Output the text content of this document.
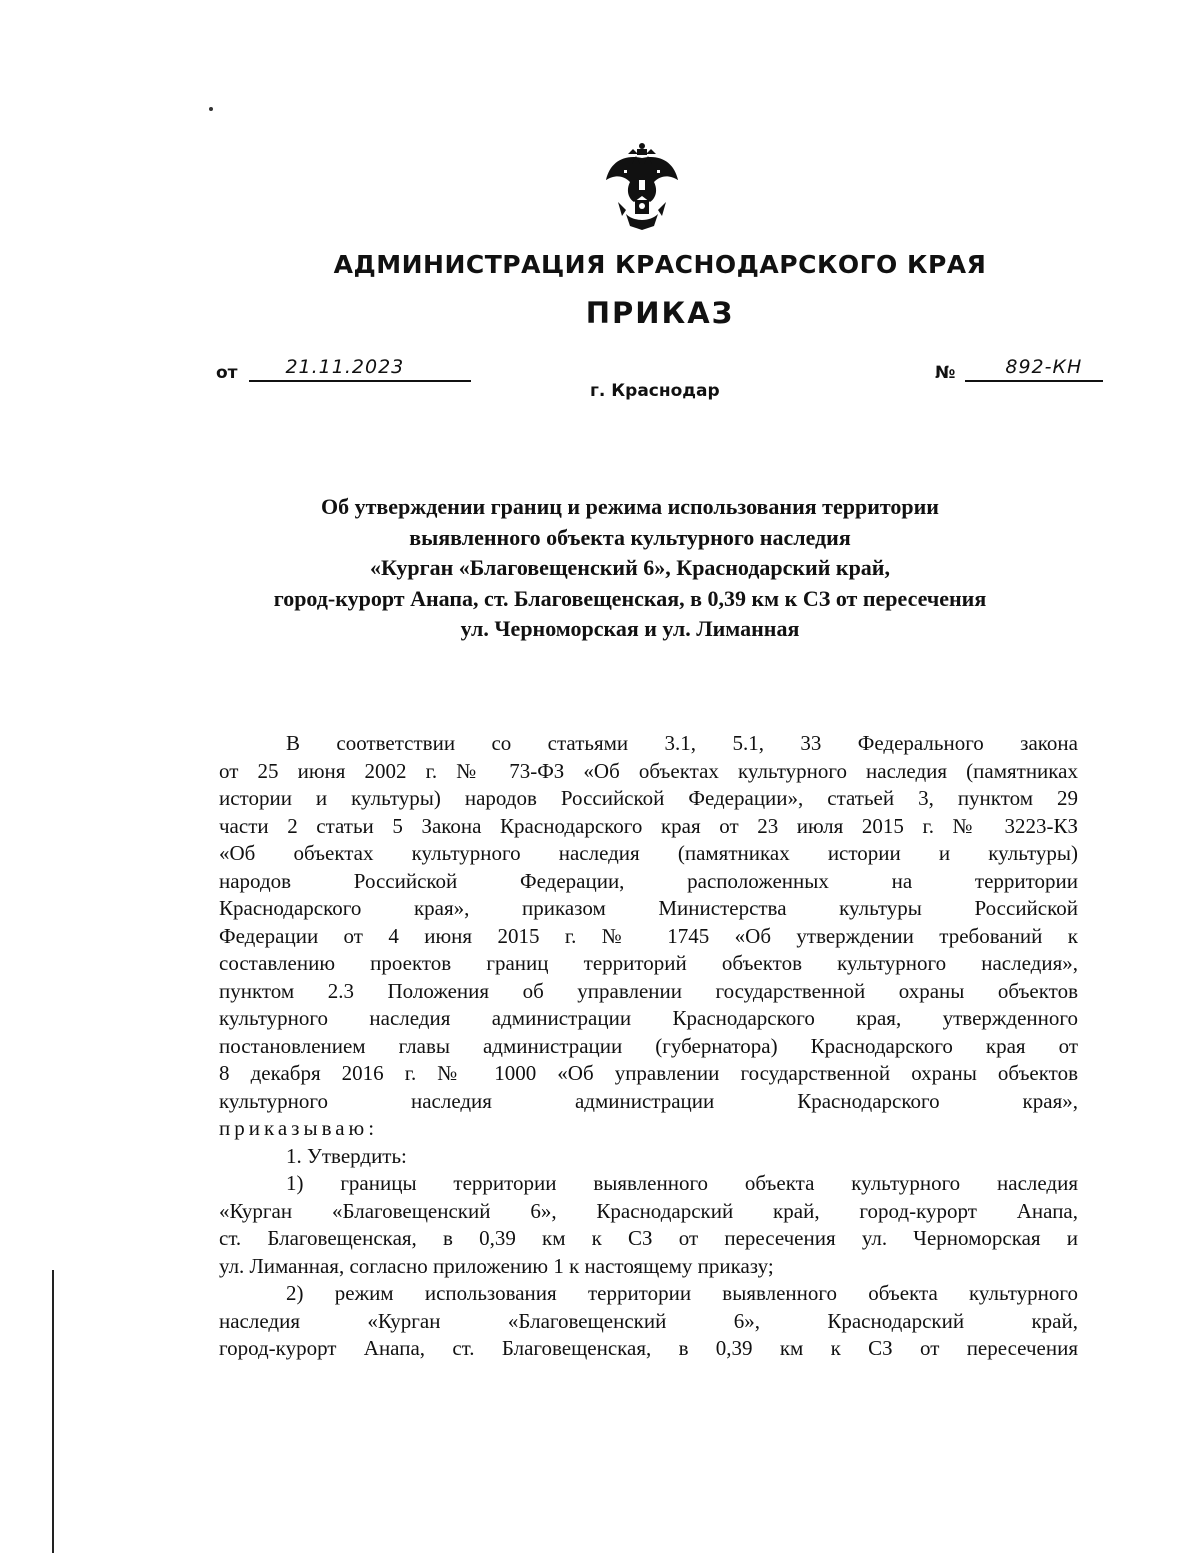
АДМИНИСТРАЦИЯ КРАСНОДАРСКОГО КРАЯ
ПРИКАЗ
от	21.11.2023	№	892-КН
г. Краснодар
Об утверждении границ и режима использования территории
выявленного объекта культурного наследия
«Курган «Благовещенский 6», Краснодарский край,
город-курорт Анапа, ст. Благовещенская, в 0,39 км к СЗ от пересечения
ул. Черноморская и ул. Лиманная
В соответствии со статьями 3.1, 5.1, 33 Федерального закона
от 25 июня 2002 г. № 73-ФЗ «Об объектах культурного наследия (памятниках
истории и культуры) народов Российской Федерации», статьей 3, пунктом 29
части 2 статьи 5 Закона Краснодарского края от 23 июля 2015 г. № 3223-КЗ
«Об объектах культурного наследия (памятниках истории и культуры)
народов Российской Федерации, расположенных на территории
Краснодарского края», приказом Министерства культуры Российской
Федерации от 4 июня 2015 г. № 1745 «Об утверждении требований к
составлению проектов границ территорий объектов культурного наследия»,
пунктом 2.3 Положения об управлении государственной охраны объектов
культурного наследия администрации Краснодарского края, утвержденного
постановлением главы администрации (губернатора) Краснодарского края от
8 декабря 2016 г. № 1000 «Об управлении государственной охраны объектов
культурного наследия администрации Краснодарского края»,
приказываю:
1. Утвердить:
1) границы территории выявленного объекта культурного наследия
«Курган «Благовещенский 6», Краснодарский край, город-курорт Анапа,
ст. Благовещенская, в 0,39 км к СЗ от пересечения ул. Черноморская и
ул. Лиманная, согласно приложению 1 к настоящему приказу;
2) режим использования территории выявленного объекта культурного
наследия «Курган «Благовещенский 6», Краснодарский край,
город-курорт Анапа, ст. Благовещенская, в 0,39 км к СЗ от пересечения
